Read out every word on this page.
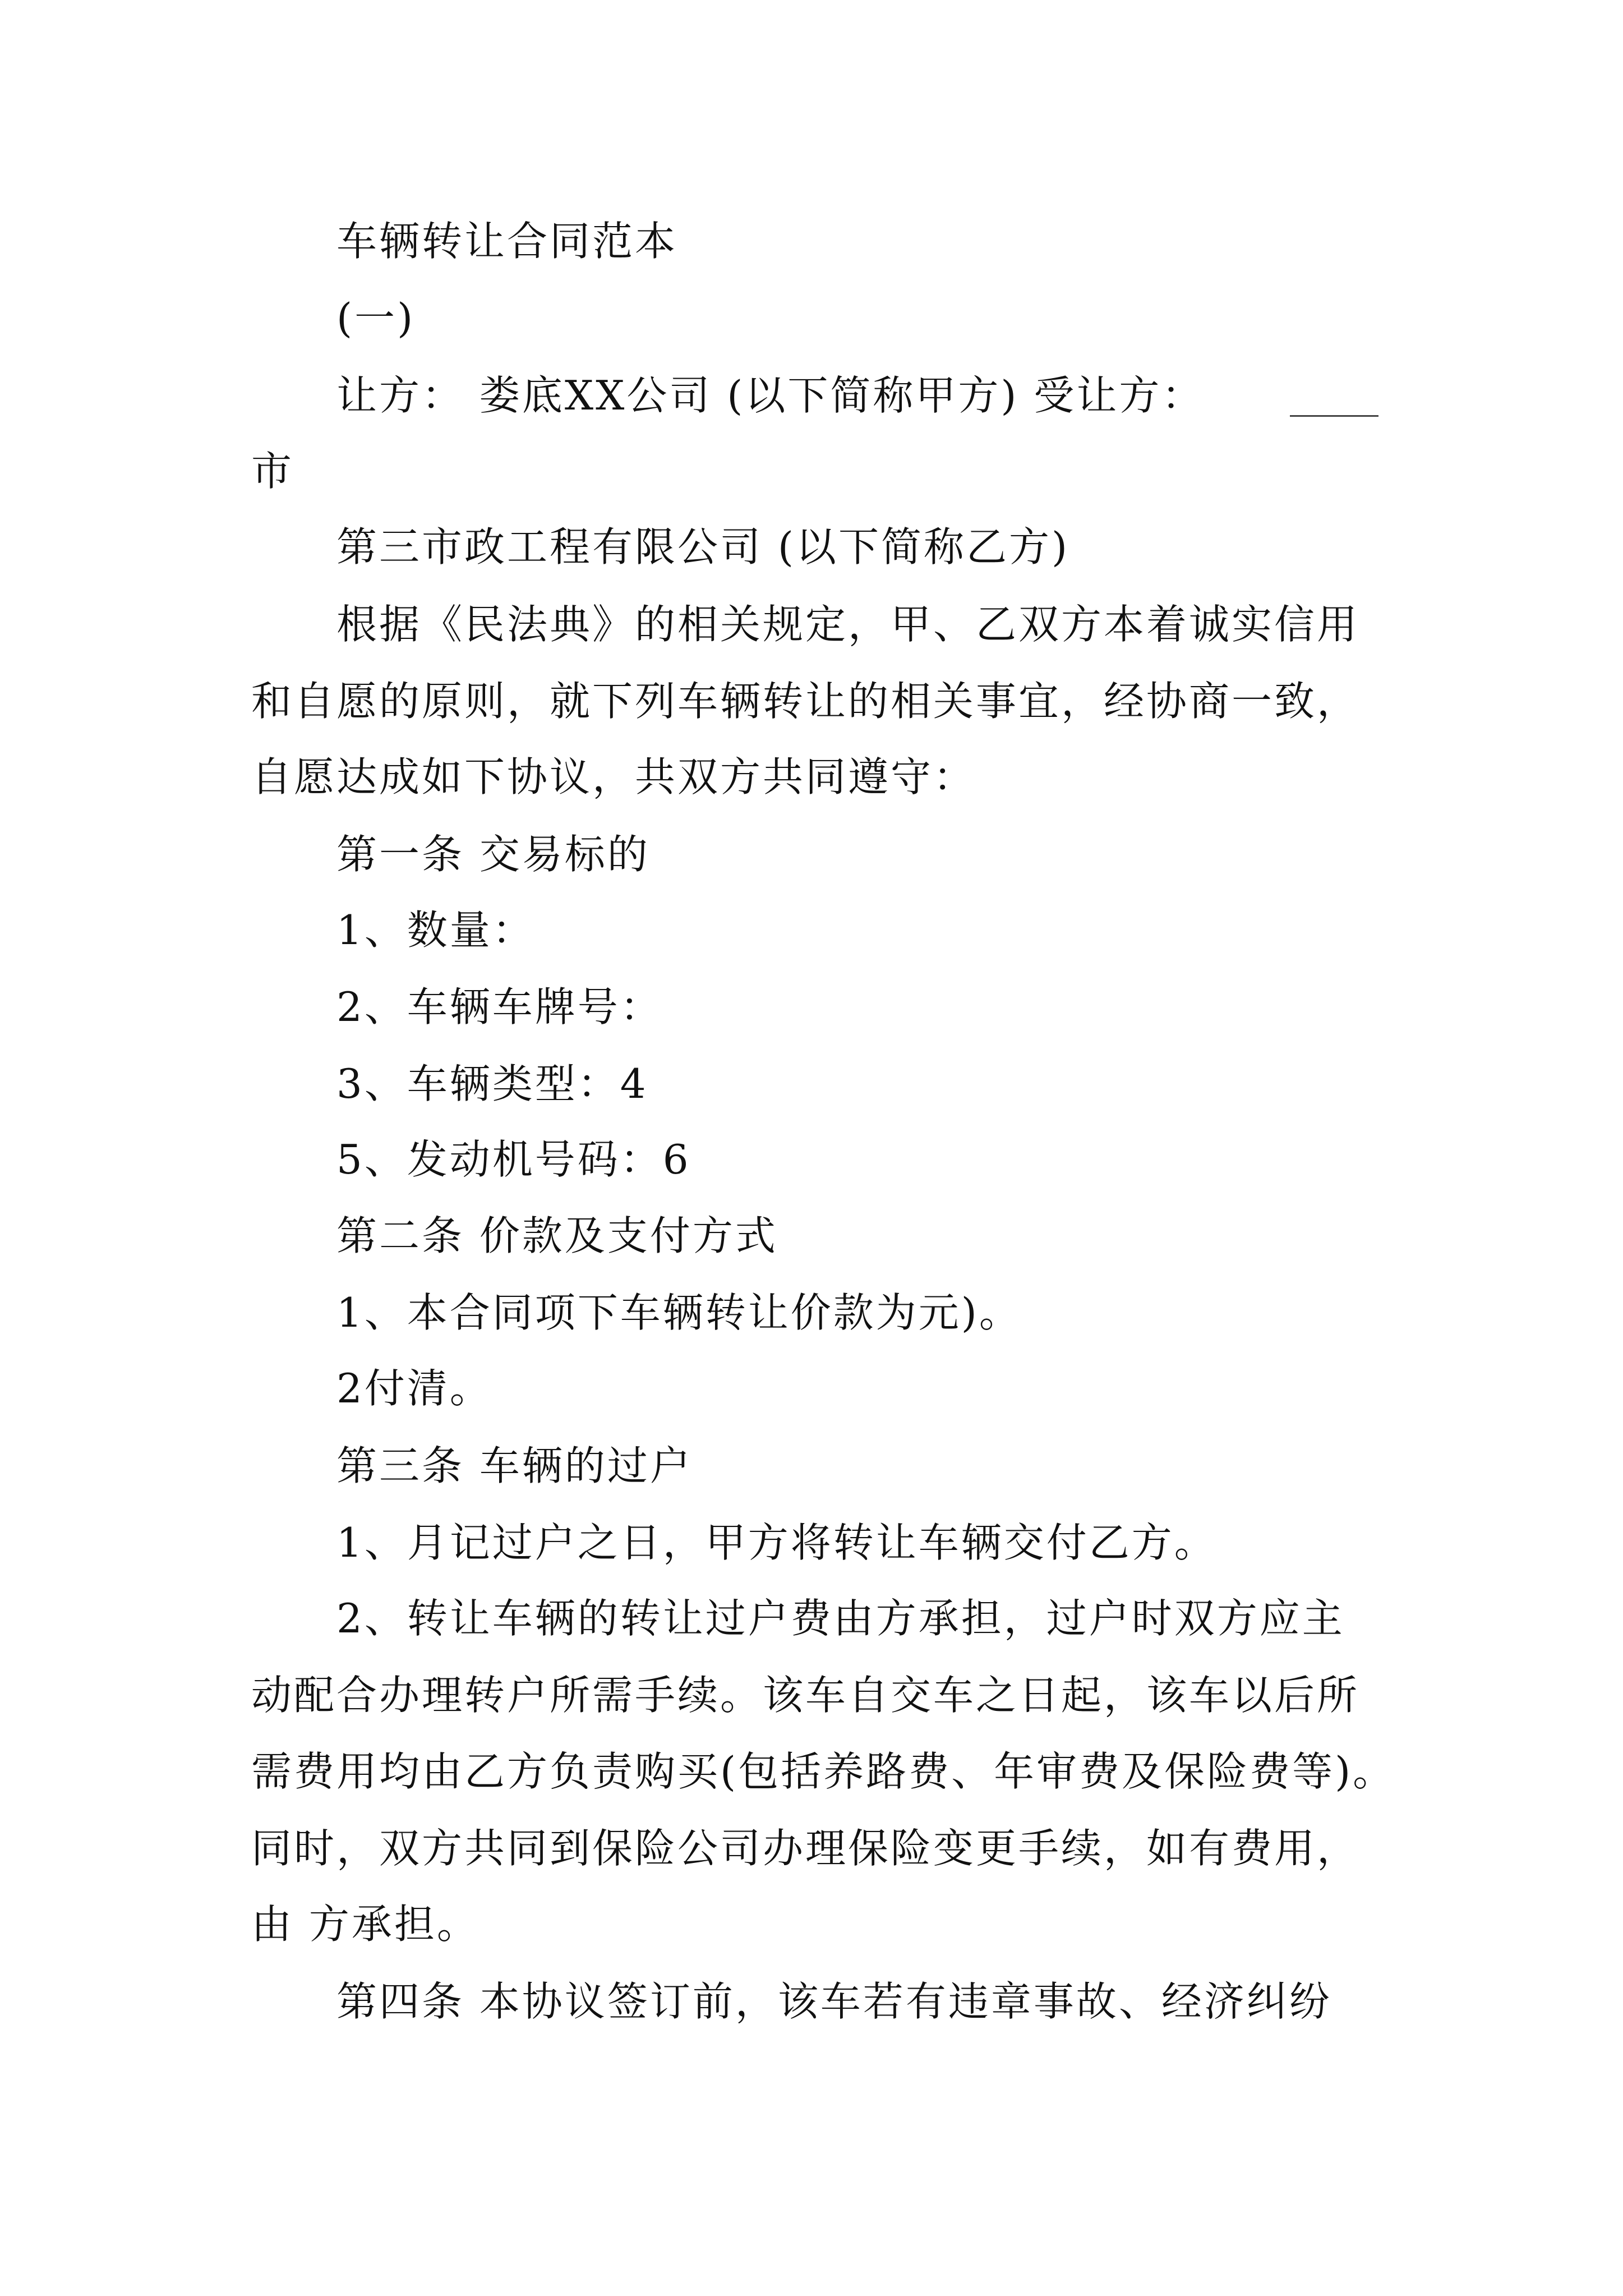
车辆转让合同范本
(一)
让方： 娄底XX公司 (以下简称甲方) 受让方：
市
第三市政工程有限公司 (以下简称乙方)
根据《民法典》的相关规定，甲、乙双方本着诚实信用
和自愿的原则，就下列车辆转让的相关事宜，经协商一致，
自愿达成如下协议，共双方共同遵守：
第一条 交易标的
1、数量：
2、车辆车牌号：
3、车辆类型：4
5、发动机号码：6
第二条 价款及支付方式
1、本合同项下车辆转让价款为元)。
2付清。
第三条 车辆的过户
1、月记过户之日，甲方将转让车辆交付乙方。
2、转让车辆的转让过户费由方承担，过户时双方应主
动配合办理转户所需手续。该车自交车之日起，该车以后所
需费用均由乙方负责购买(包括养路费、年审费及保险费等)。
同时，双方共同到保险公司办理保险变更手续，如有费用，
由 方承担。
第四条 本协议签订前，该车若有违章事故、经济纠纷
